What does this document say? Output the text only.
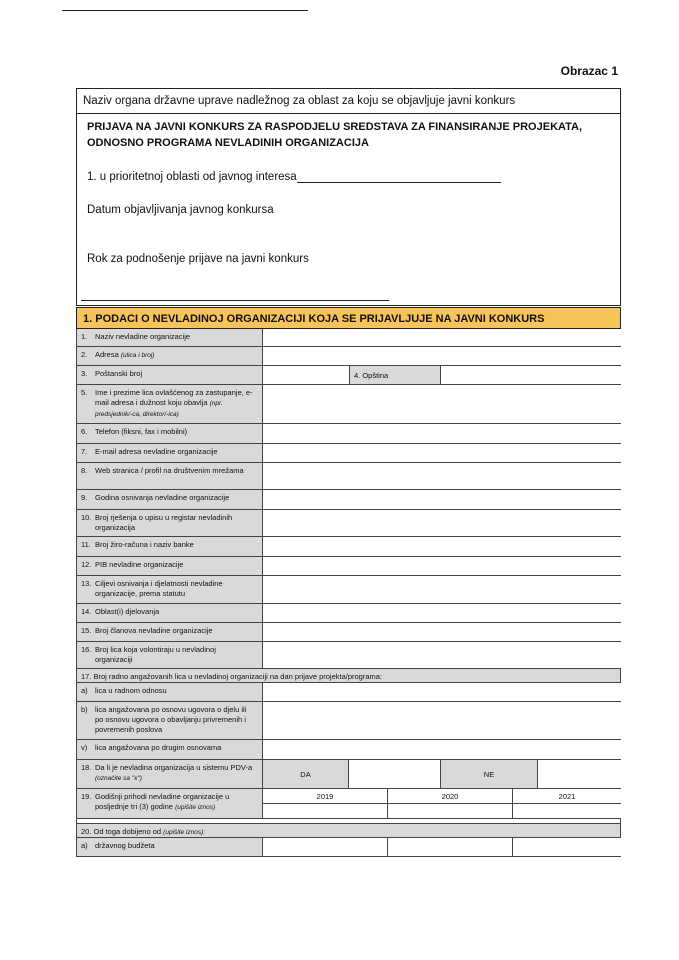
Obrazac 1
Naziv organa državne uprave nadležnog za oblast za koju se objavljuje javni konkurs
PRIJAVA NA JAVNI KONKURS ZA RASPODJELU SREDSTAVA ZA FINANSIRANJE PROJEKATA,
ODNOSNO PROGRAMA NEVLADINIH ORGANIZACIJA
1. u prioritetnoj oblasti od javnog interesa
Datum objavljivanja javnog konkursa
Rok za podnošenje prijave na javni konkurs
1. PODACI O NEVLADINOJ ORGANIZACIJI KOJA SE PRIJAVLJUJE NA JAVNI KONKURS
1. Naziv nevladine organizacije
2. Adresa (ulica i broj)
3. Poštanski broj	4. Opština
5. Ime i prezime lica ovlašćenog za zastupanje, e-mail adresa i dužnost koju obavlja (npr. predsjednik/-ca, direktor/-ica)
6. Telefon (fiksni, fax i mobilni)
7. E-mail adresa nevladine organizacije
8. Web stranica / profil na društvenim mrežama
9. Godina osnivanja nevladine organizacije
10. Broj rješenja o upisu u registar nevladinih organizacija
11. Broj žiro-računa i naziv banke
12. PIB nevladine organizacije
13. Ciljevi osnivanja i djelatnosti nevladine organizacije, prema statutu
14. Oblast(i) djelovanja
15. Broj članova nevladine organizacije
16. Broj lica koja volontiraju u nevladinoj organizaciji
17. Broj radno angažovanih lica u nevladinoj organizaciji na dan prijave projekta/programa:
a) lica u radnom odnosu
b) lica angažovana po osnovu ugovora o djelu ili po osnovu ugovora o obavljanju privremenih i povremenih poslova
v) lica angažovana po drugim osnovama
18. Da li je nevladina organizacija u sistemu PDV-a (označite sa "x")	DA	NE
19. Godišnji prihodi nevladine organizacije u posljednje tri (3) godine (upišite iznos)
2019	2020	2021
20. Od toga dobijeno od (upišite iznos):
a) državnog budžeta
